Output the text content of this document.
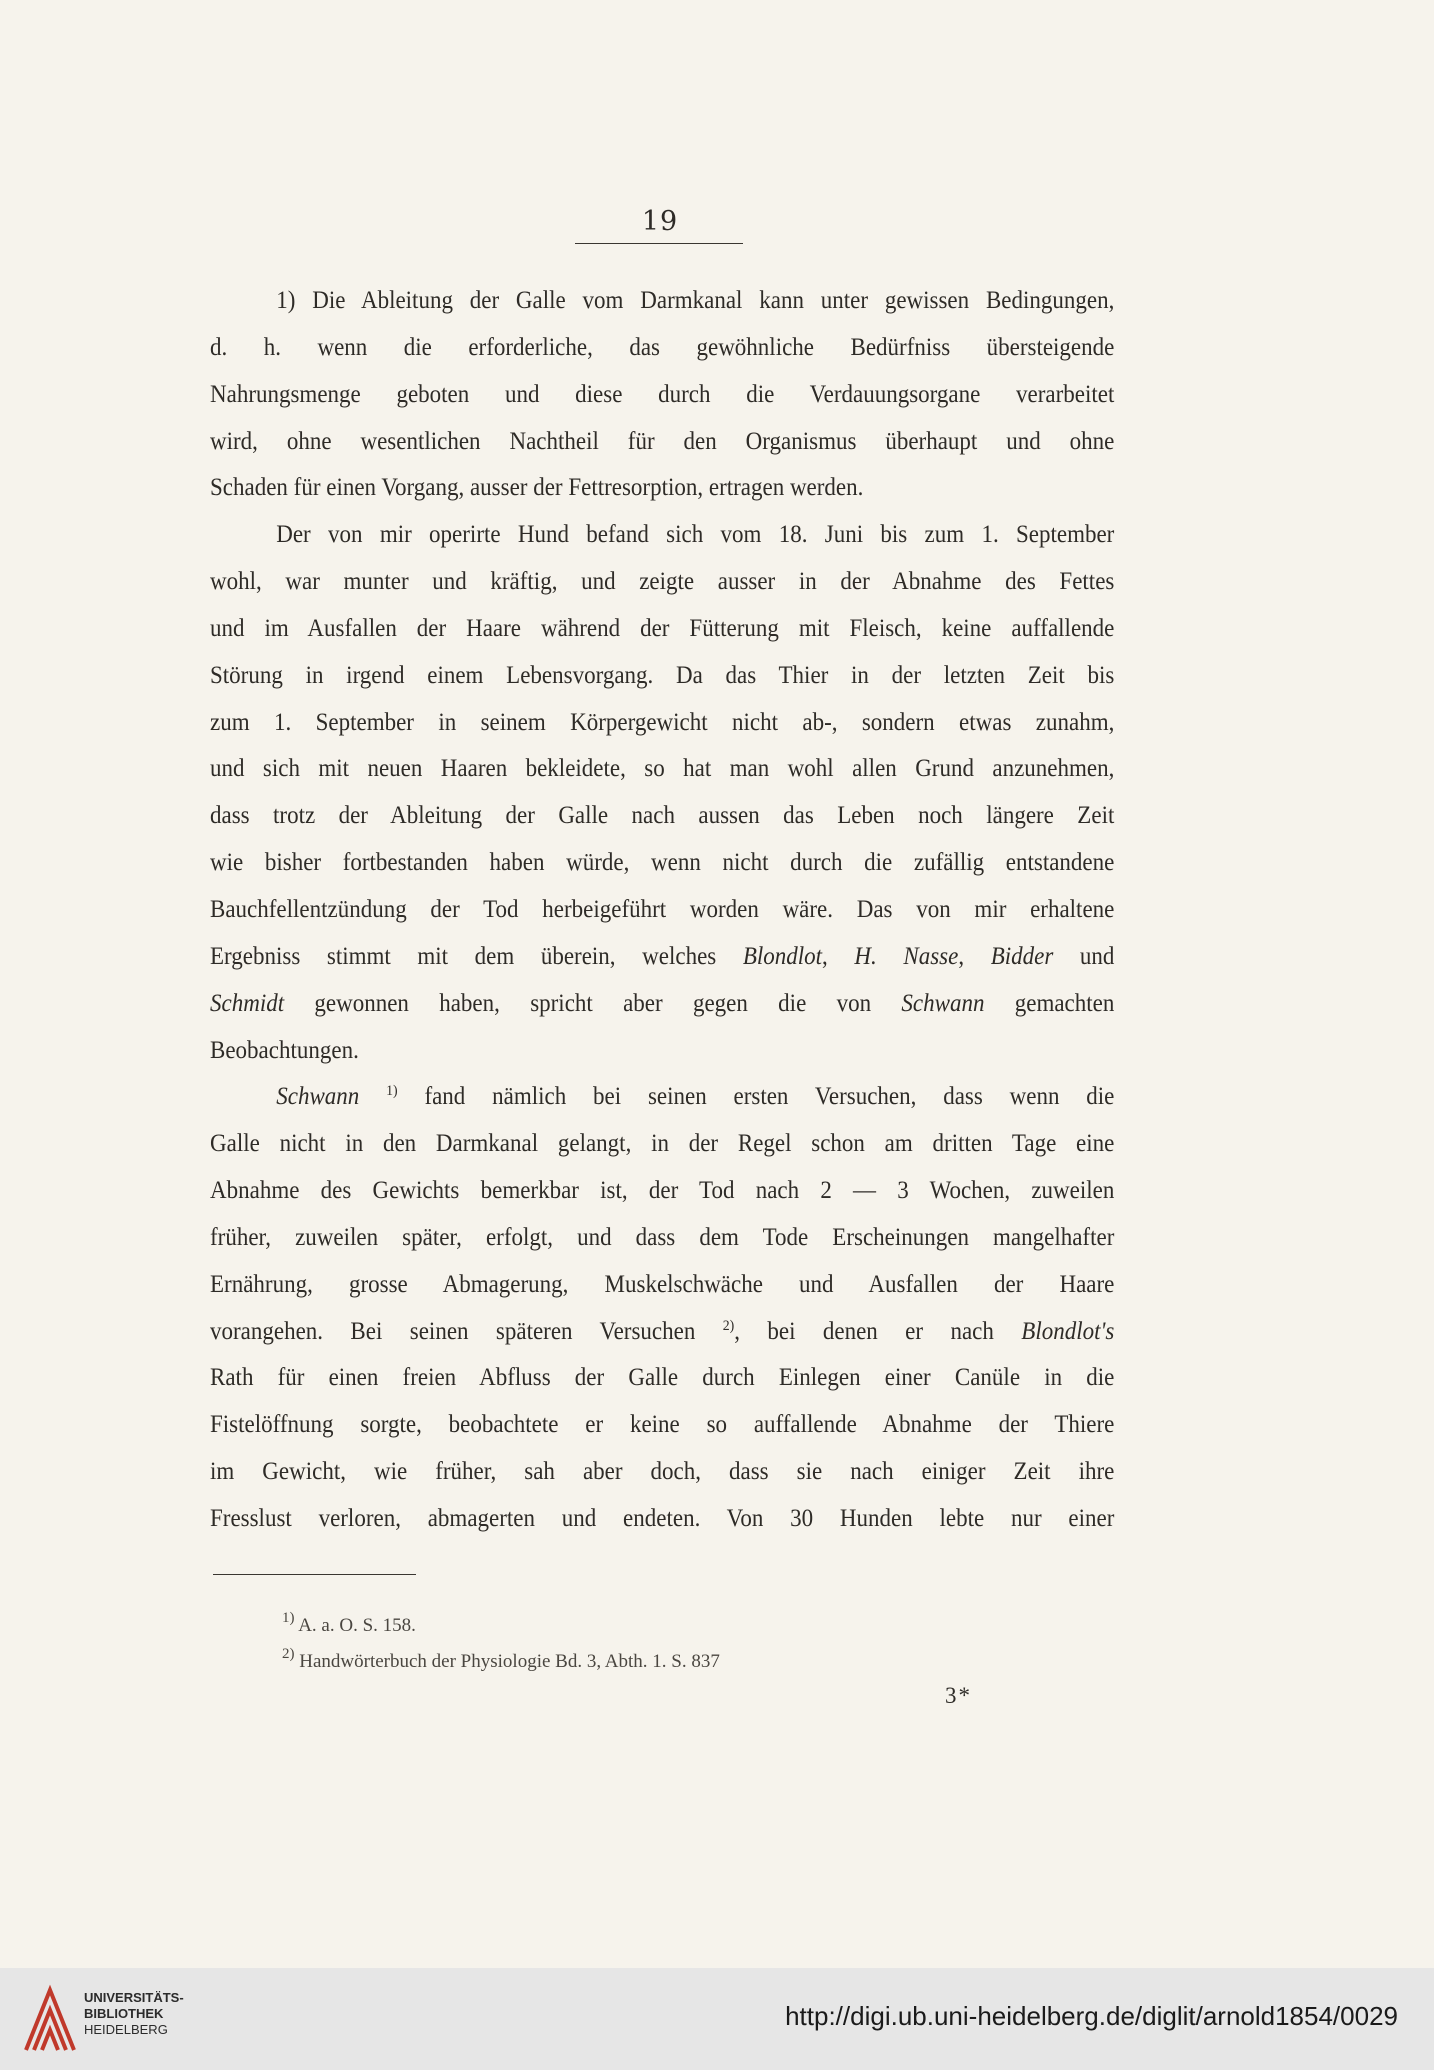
19
1) Die Ableitung der Galle vom Darmkanal kann unter gewissen Bedingungen,
d. h. wenn die erforderliche, das gewöhnliche Bedürfniss übersteigende
Nahrungsmenge geboten und diese durch die Verdauungsorgane verarbeitet
wird, ohne wesentlichen Nachtheil für den Organismus überhaupt und ohne
Schaden für einen Vorgang, ausser der Fettresorption, ertragen werden.
Der von mir operirte Hund befand sich vom 18. Juni bis zum 1. September
wohl, war munter und kräftig, und zeigte ausser in der Abnahme des Fettes
und im Ausfallen der Haare während der Fütterung mit Fleisch, keine auffallende
Störung in irgend einem Lebensvorgang. Da das Thier in der letzten Zeit bis
zum 1. September in seinem Körpergewicht nicht ab-, sondern etwas zunahm,
und sich mit neuen Haaren bekleidete, so hat man wohl allen Grund anzunehmen,
dass trotz der Ableitung der Galle nach aussen das Leben noch längere Zeit
wie bisher fortbestanden haben würde, wenn nicht durch die zufällig entstandene
Bauchfellentzündung der Tod herbeigeführt worden wäre. Das von mir erhaltene
Ergebniss stimmt mit dem überein, welches Blondlot, H. Nasse, Bidder und
Schmidt gewonnen haben, spricht aber gegen die von Schwann gemachten
Beobachtungen.
Schwann $^{1)}$ fand nämlich bei seinen ersten Versuchen, dass wenn die
Galle nicht in den Darmkanal gelangt, in der Regel schon am dritten Tage eine
Abnahme des Gewichts bemerkbar ist, der Tod nach 2 — 3 Wochen, zuweilen
früher, zuweilen später, erfolgt, und dass dem Tode Erscheinungen mangelhafter
Ernährung, grosse Abmagerung, Muskelschwäche und Ausfallen der Haare
vorangehen. Bei seinen späteren Versuchen $^{2)}$, bei denen er nach Blondlot's
Rath für einen freien Abfluss der Galle durch Einlegen einer Canüle in die
Fistelöffnung sorgte, beobachtete er keine so auffallende Abnahme der Thiere
im Gewicht, wie früher, sah aber doch, dass sie nach einiger Zeit ihre
Fresslust verloren, abmagerten und endeten. Von 30 Hunden lebte nur einer
$^{1)}$ A. a. O. S. 158.
$^{2)}$ Handwörterbuch der Physiologie Bd. 3, Abth. 1. S. 837
3*
UNIVERSITÄTS-
BIBLIOTHEK
HEIDELBERG	http://digi.ub.uni-heidelberg.de/diglit/arnold1854/0029
